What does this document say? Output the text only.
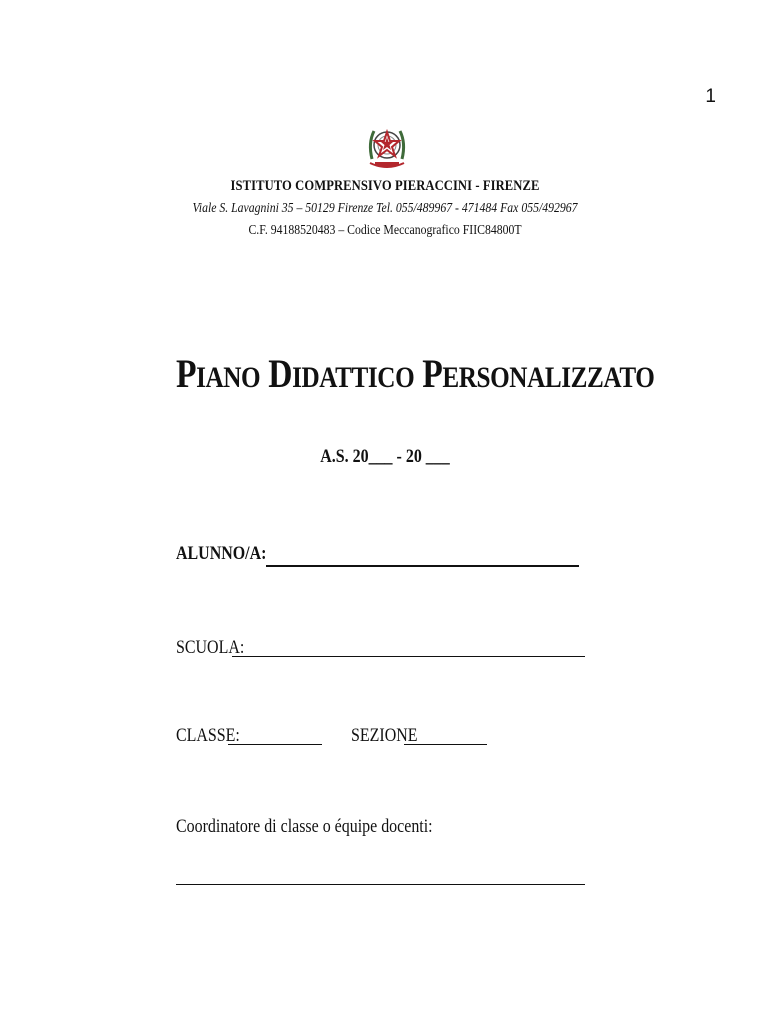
1
ISTITUTO COMPRENSIVO PIERACCINI - FIRENZE
Viale S. Lavagnini 35 – 50129 Firenze Tel. 055/489967 - 471484 Fax 055/492967
C.F. 94188520483 – Codice Meccanografico FIIC84800T
PIANO DIDATTICO PERSONALIZZATO
A.S. 20___ - 20 ___
ALUNNO/A:
SCUOLA:
CLASSE:	SEZIONE
Coordinatore di classe o équipe docenti:
